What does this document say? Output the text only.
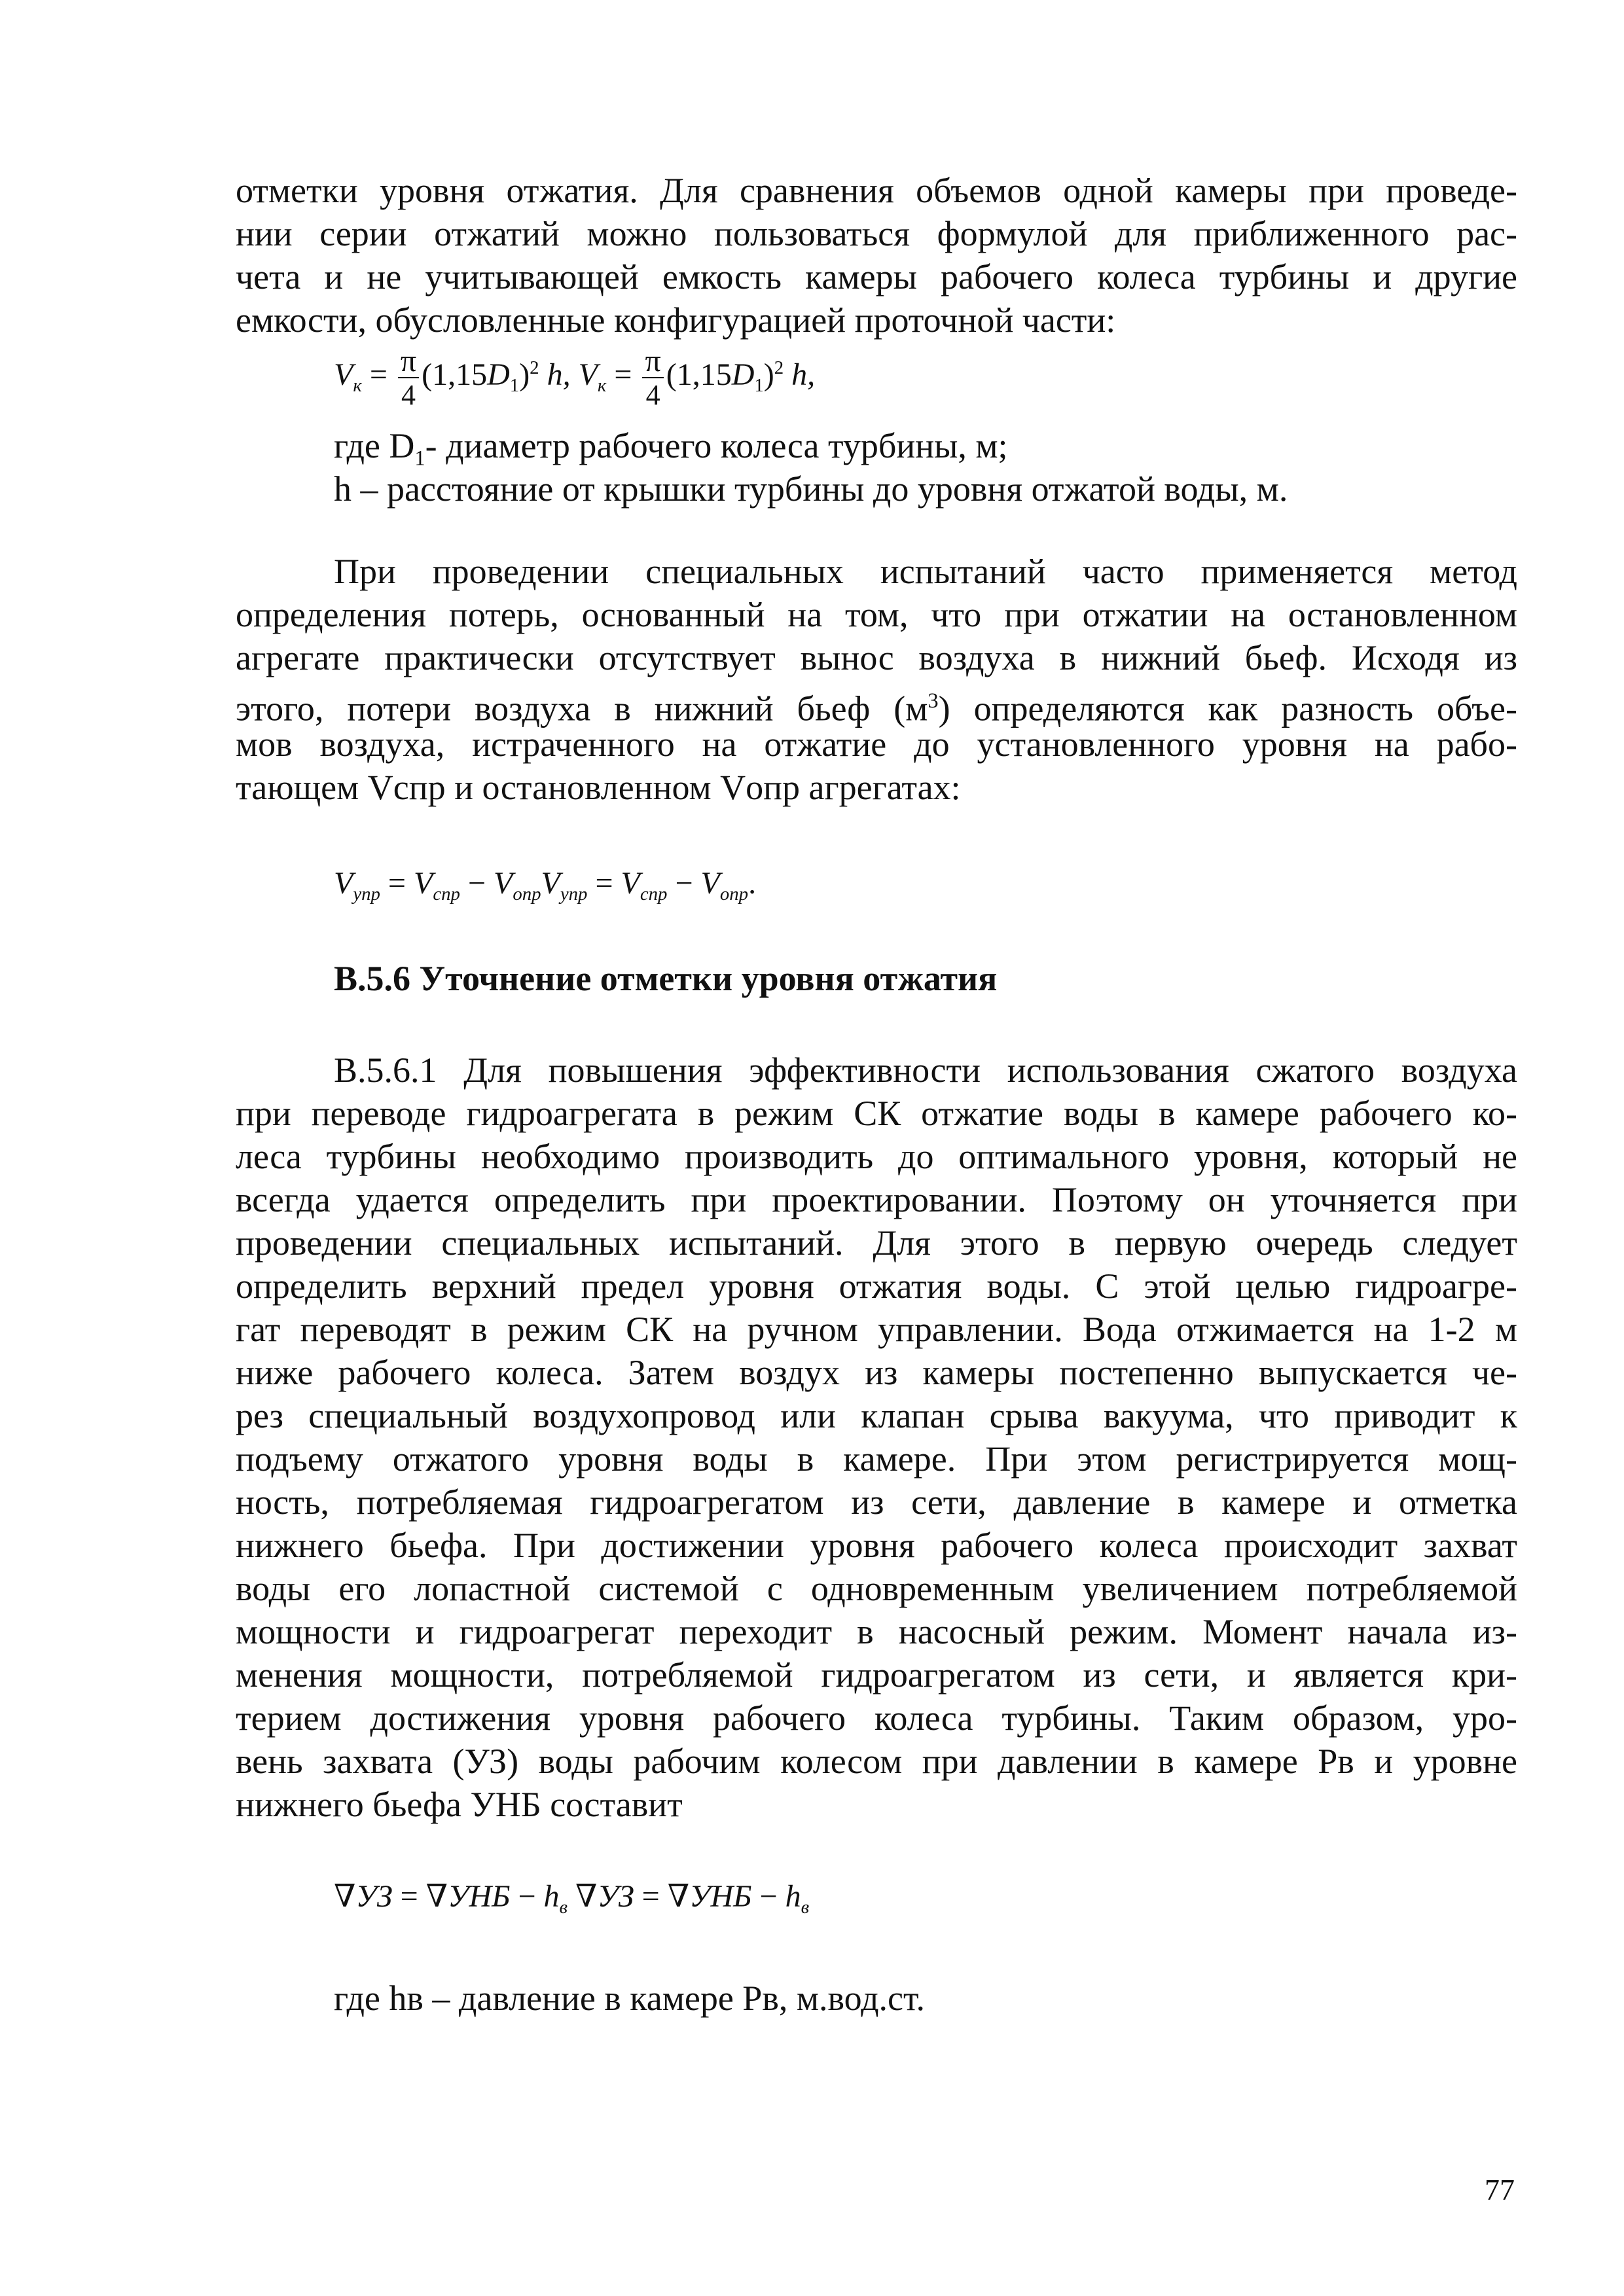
отметки уровня отжатия. Для сравнения объемов одной камеры при проведе-
нии серии отжатий можно пользоваться формулой для приближенного рас-
чета и не учитывающей емкость камеры рабочего колеса турбины и другие
емкости, обусловленные конфигурацией проточной части:
$V_к = \frac{\pi}{4} (1,15D_1)^2$ h, $V_к = \frac{\pi}{4} (1,15D_1)^2$ h,
где $D_1-$ диаметр рабочего колеса турбины, м;
h – расстояние от крышки турбины до уровня отжатой воды, м.
При проведении специальных испытаний часто применяется метод
определения потерь, основанный на том, что при отжатии на остановленном
агрегате практически отсутствует вынос воздуха в нижний бьеф. Исходя из
этого, потери воздуха в нижний бьеф $(м^3)$ определяются как разность объе-
мов воздуха, истраченного на отжатие до установленного уровня на рабо-
тающем Vспр и остановленном Vопр агрегатах:
$V_{упр} = V_{спр} - V_{опр}V_{упр} = V_{спр} - V_{опр}$.
В.5.6 Уточнение отметки уровня отжатия
В.5.6.1 Для повышения эффективности использования сжатого воздуха
при переводе гидроагрегата в режим СК отжатие воды в камере рабочего ко-
леса турбины необходимо производить до оптимального уровня, который не
всегда удается определить при проектировании. Поэтому он уточняется при
проведении специальных испытаний. Для этого в первую очередь следует
определить верхний предел уровня отжатия воды. С этой целью гидроагре-
гат переводят в режим СК на ручном управлении. Вода отжимается на 1-2 м
ниже рабочего колеса. Затем воздух из камеры постепенно выпускается че-
рез специальный воздухопровод или клапан срыва вакуума, что приводит к
подъему отжатого уровня воды в камере. При этом регистрируется мощ-
ность, потребляемая гидроагрегатом из сети, давление в камере и отметка
нижнего бьефа. При достижении уровня рабочего колеса происходит захват
воды его лопастной системой с одновременным увеличением потребляемой
мощности и гидроагрегат переходит в насосный режим. Момент начала из-
менения мощности, потребляемой гидроагрегатом из сети, и является кри-
терием достижения уровня рабочего колеса турбины. Таким образом, уро-
вень захвата (УЗ) воды рабочим колесом при давлении в камере Рв и уровне
нижнего бьефа УНБ составит
$\nabla УЗ = \nabla УНБ - h_в$ $\nabla УЗ = \nabla УНБ - h_в$
где hв – давление в камере Рв, м.вод.ст.
77
